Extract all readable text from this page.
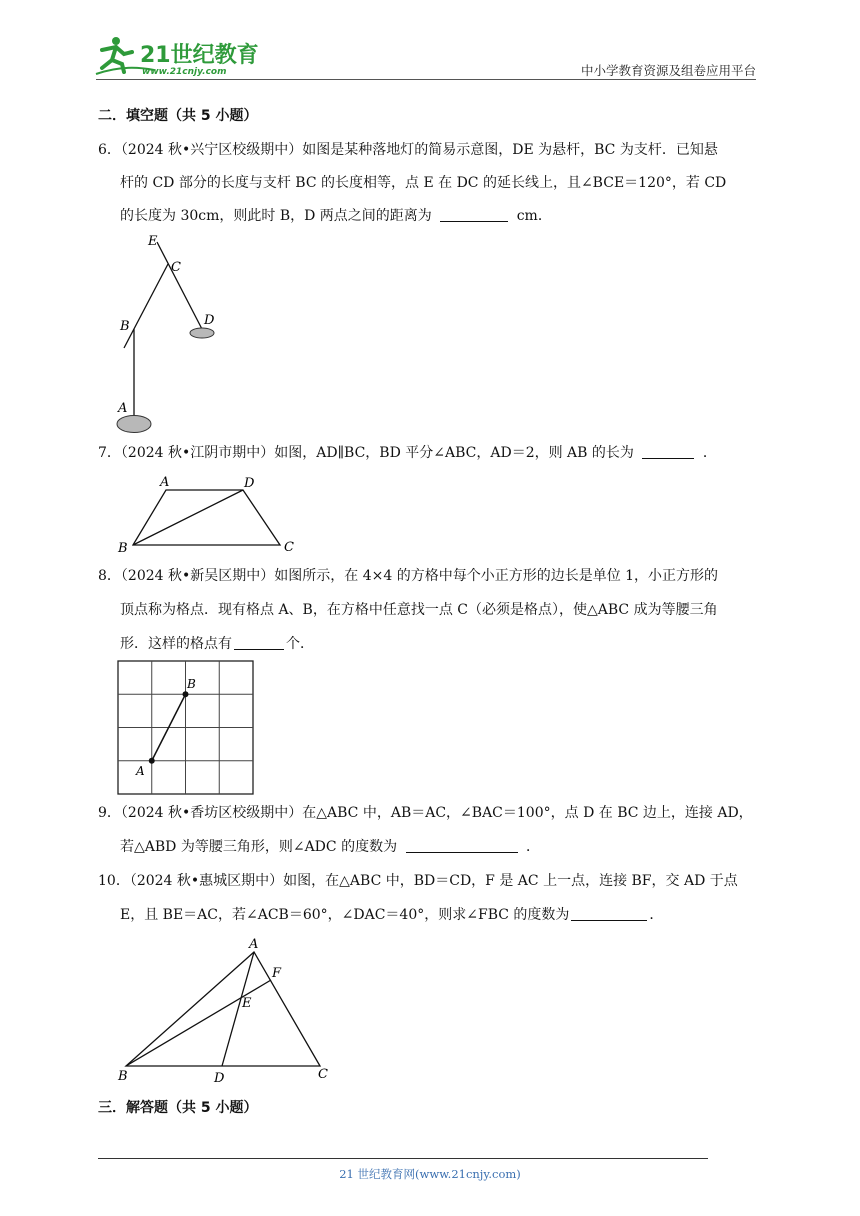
21世纪教育
www.21cnjy.com	中小学教育资源及组卷应用平台
二．填空题（共 5 小题）
6．（2024 秋•兴宁区校级期中）如图是某种落地灯的简易示意图，DE 为悬杆，BC 为支杆．已知悬
杆的 CD 部分的长度与支杆 BC 的长度相等，点 E 在 DC 的延长线上，且∠BCE＝120°，若 CD
的长度为 30cm，则此时 B，D 两点之间的距离为	cm．
E
C
B	D
A
7．（2024 秋•江阴市期中）如图，AD∥BC，BD 平分∠ABC，AD＝2，则 AB 的长为	．
A	D
B	C
8．（2024 秋•新吴区期中）如图所示，在 4×4 的方格中每个小正方形的边长是单位 1，小正方形的
顶点称为格点．现有格点 A、B，在方格中任意找一点 C（必须是格点），使△ABC 成为等腰三角
形．这样的格点有	个．
A
B
9．（2024 秋•香坊区校级期中）在△ABC 中，AB＝AC，∠BAC＝100°，点 D 在 BC 边上，连接 AD，
若△ABD 为等腰三角形，则∠ADC 的度数为	．
10．（2024 秋•惠城区期中）如图，在△ABC 中，BD＝CD，F 是 AC 上一点，连接 BF，交 AD 于点
E，且 BE＝AC，若∠ACB＝60°，∠DAC＝40°，则求∠FBC 的度数为	．
A
F
E
B	D	C
三．解答题（共 5 小题）
21 世纪教育网(www.21cnjy.com)
